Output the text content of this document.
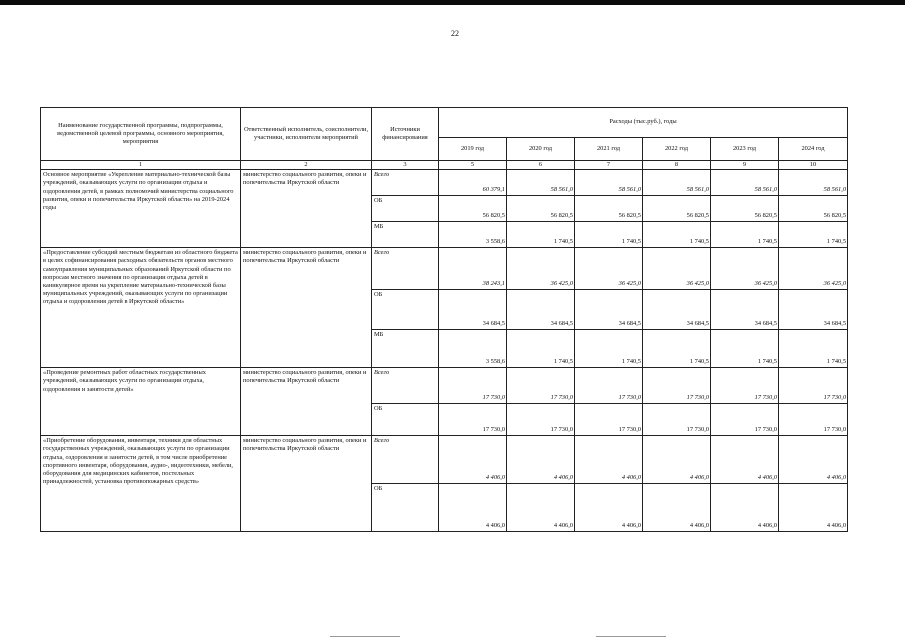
22
Наименование государственной программы, подпрограммы, ведомственной целевой программы, основного мероприятия, мероприятия	Ответственный исполнитель, соисполнители, участники, исполнители мероприятий	Источники финансирования	Расходы (тыс.руб.), годы					
			2019 год	2020 год	2021 год	2022 год	2023 год	2024 год
1	2	3	5	6	7	8	9	10
Основное мероприятие «Укрепление материально-технической базы учреждений, оказывающих услуги по организации отдыха и оздоровления детей, в рамках полномочий министерства социального развития, опеки и попечительства Иркутской области» на 2019-2024 годы	министерство социального развития, опеки и попечительства Иркутской области	Всего	60 379,1	58 561,0	58 561,0	58 561,0	58 561,0	58 561,0
		ОБ	56 820,5	56 820,5	56 820,5	56 820,5	56 820,5	56 820,5
		МБ	3 558,6	1 740,5	1 740,5	1 740,5	1 740,5	1 740,5
«Предоставление субсидий местным бюджетам из областного бюджета в целях софинансирования расходных обязательств органов местного самоуправления муниципальных образований Иркутской области по вопросам местного значения по организации отдыха детей в каникулярное время на укрепление материально-технической базы муниципальных учреждений, оказывающих услуги по организации отдыха и оздоровления детей в Иркутской области»	министерство социального развития, опеки и попечительства Иркутской области	Всего	38 243,1	36 425,0	36 425,0	36 425,0	36 425,0	36 425,0
		ОБ	34 684,5	34 684,5	34 684,5	34 684,5	34 684,5	34 684,5
		МБ	3 558,6	1 740,5	1 740,5	1 740,5	1 740,5	1 740,5
«Проведение ремонтных работ областных государственных учреждений, оказывающих услуги по организации отдыха, оздоровления и занятости детей»	министерство социального развития, опеки и попечительства Иркутской области	Всего	17 730,0	17 730,0	17 730,0	17 730,0	17 730,0	17 730,0
		ОБ	17 730,0	17 730,0	17 730,0	17 730,0	17 730,0	17 730,0
«Приобретение оборудования, инвентаря, техники для областных государственных учреждений, оказывающих услуги по организации отдыха, оздоровления и занятости детей, в том числе приобретение спортивного инвентаря, оборудования, аудио-, видеотехники, мебели, оборудования для медицинских кабинетов, постельных принадлежностей, установка противопожарных средств»	министерство социального развития, опеки и попечительства Иркутской области	Всего	4 406,0	4 406,0	4 406,0	4 406,0	4 406,0	4 406,0
		ОБ	4 406,0	4 406,0	4 406,0	4 406,0	4 406,0	4 406,0
